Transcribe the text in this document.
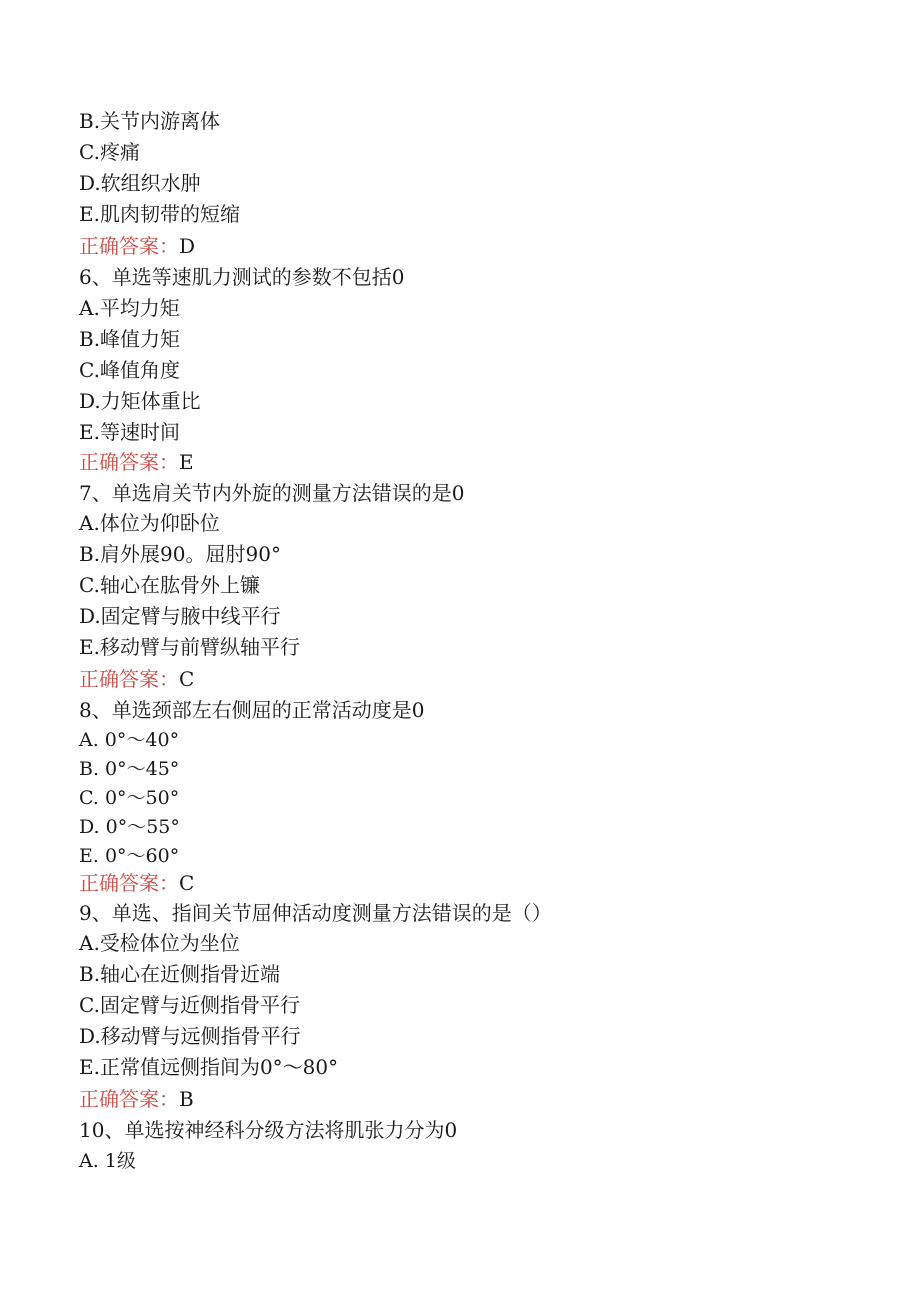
B.关节内游离体
C.疼痛
D.软组织水肿
E.肌肉韧带的短缩
正确答案：D
6、单选等速肌力测试的参数不包括0
A.平均力矩
B.峰值力矩
C.峰值角度
D.力矩体重比
E.等速时间
正确答案：E
7、单选肩关节内外旋的测量方法错误的是0
A.体位为仰卧位
B.肩外展90。屈肘90°
C.轴心在肱骨外上镰
D.固定臂与腋中线平行
E.移动臂与前臂纵轴平行
正确答案：C
8、单选颈部左右侧屈的正常活动度是0
A. 0°～40°
B. 0°～45°
C. 0°～50°
D. 0°～55°
E. 0°～60°
正确答案：C
9、单选、指间关节屈伸活动度测量方法错误的是（）
A.受检体位为坐位
B.轴心在近侧指骨近端
C.固定臂与近侧指骨平行
D.移动臂与远侧指骨平行
E.正常值远侧指间为0°～80°
正确答案：B
10、单选按神经科分级方法将肌张力分为0
A. 1级
